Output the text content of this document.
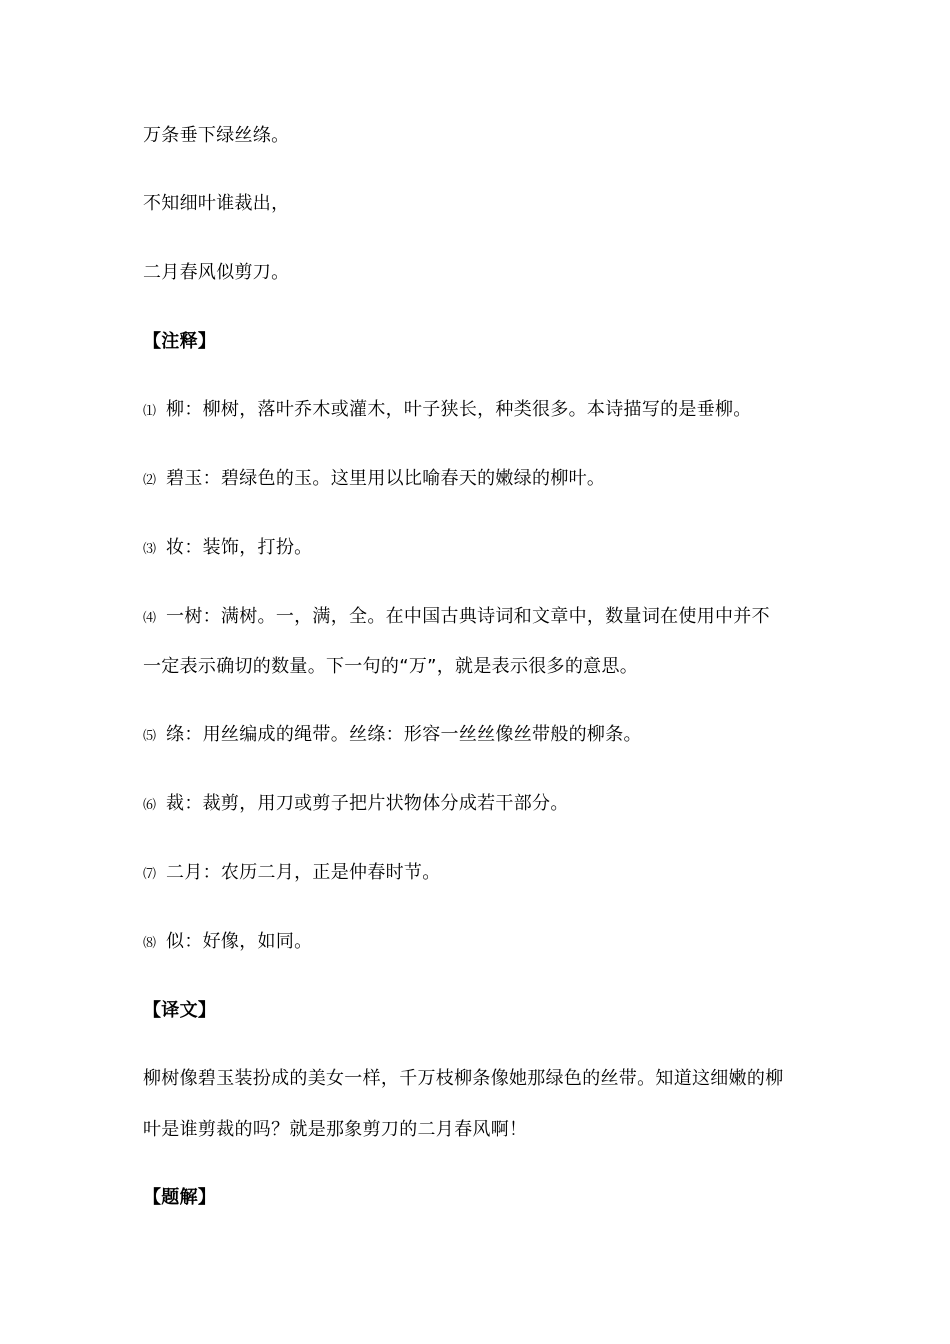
万条垂下绿丝绦。
不知细叶谁裁出，
二月春风似剪刀。
【注释】
⑴ 柳：柳树，落叶乔木或灌木，叶子狭长，种类很多。本诗描写的是垂柳。
⑵ 碧玉：碧绿色的玉。这里用以比喻春天的嫩绿的柳叶。
⑶ 妆：装饰，打扮。
⑷ 一树：满树。一，满，全。在中国古典诗词和文章中，数量词在使用中并不
一定表示确切的数量。下一句的“万”，就是表示很多的意思。
⑸ 绦：用丝编成的绳带。丝绦：形容一丝丝像丝带般的柳条。
⑹ 裁：裁剪，用刀或剪子把片状物体分成若干部分。
⑺ 二月：农历二月，正是仲春时节。
⑻ 似：好像，如同。
【译文】
柳树像碧玉装扮成的美女一样，千万枝柳条像她那绿色的丝带。知道这细嫩的柳
叶是谁剪裁的吗？就是那象剪刀的二月春风啊！
【题解】
